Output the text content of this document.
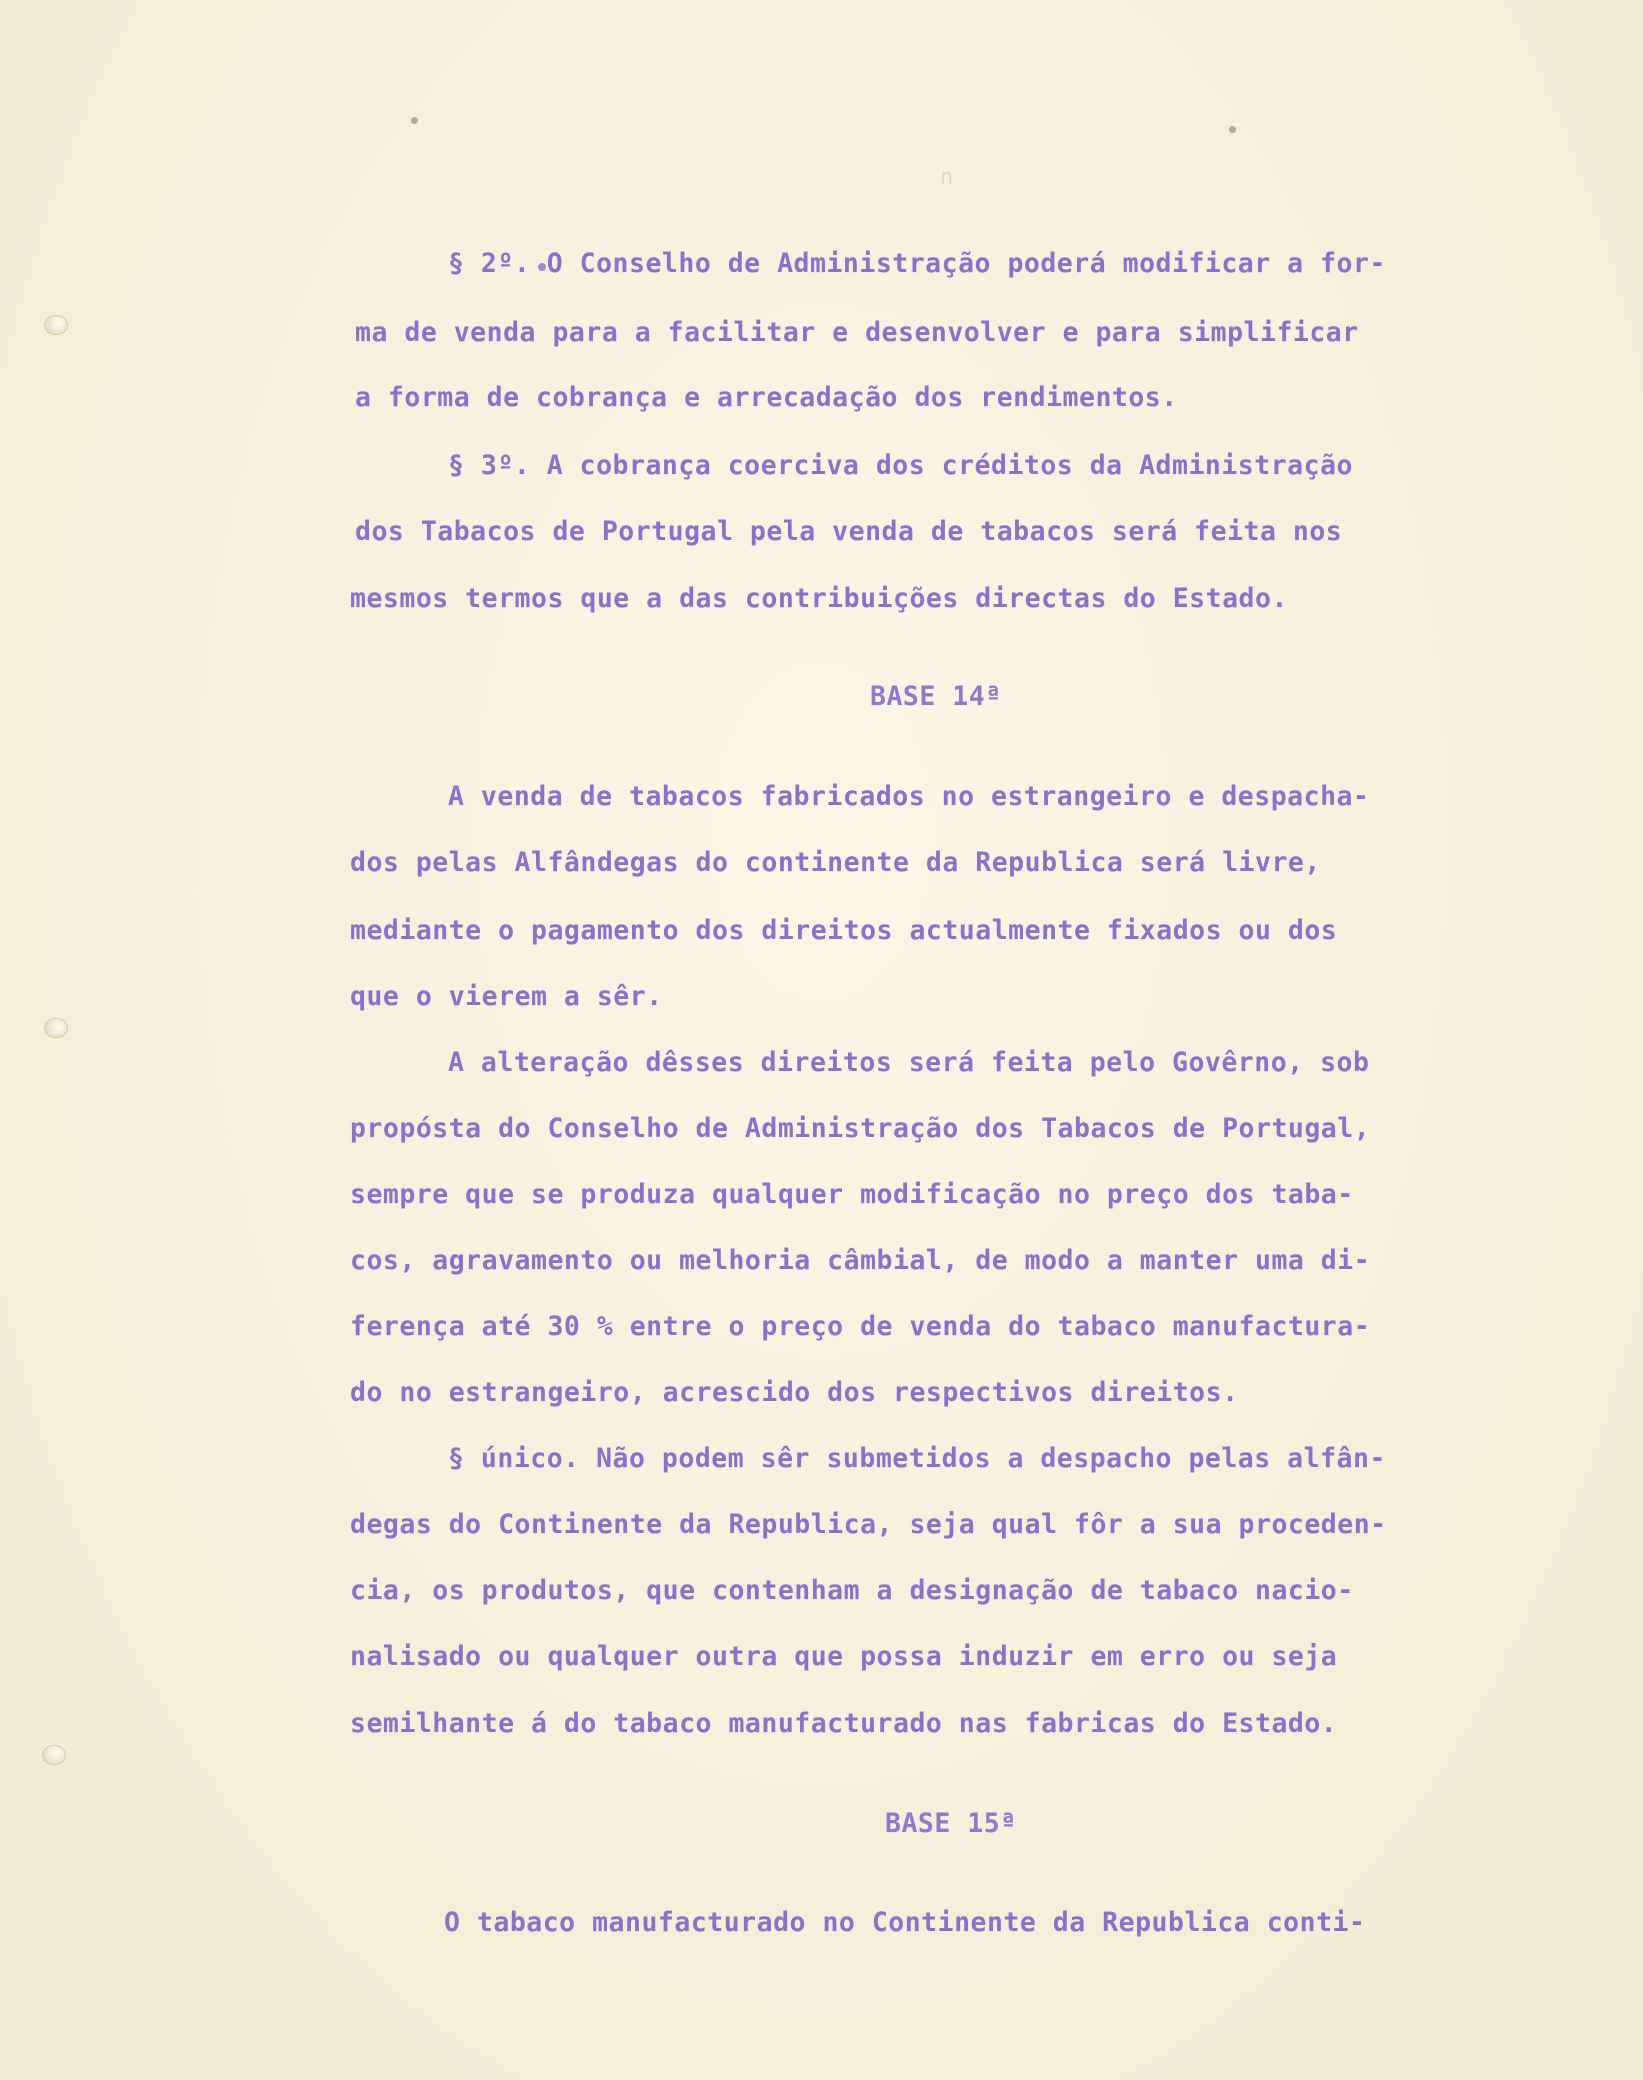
n
§ 2º. O Conselho de Administração poderá modificar a for-
ma de venda para a facilitar e desenvolver e para simplificar
a forma de cobrança e arrecadação dos rendimentos.
§ 3º. A cobrança coerciva dos créditos da Administração
dos Tabacos de Portugal pela venda de tabacos será feita nos
mesmos termos que a das contribuições directas do Estado.
BASE 14ª
A venda de tabacos fabricados no estrangeiro e despacha-
dos pelas Alfândegas do continente da Republica será livre,
mediante o pagamento dos direitos actualmente fixados ou dos
que o vierem a sêr.
A alteração dêsses direitos será feita pelo Govêrno, sob
propósta do Conselho de Administração dos Tabacos de Portugal,
sempre que se produza qualquer modificação no preço dos taba-
cos, agravamento ou melhoria câmbial, de modo a manter uma di-
ferença até 30 % entre o preço de venda do tabaco manufactura-
do no estrangeiro, acrescido dos respectivos direitos.
§ único. Não podem sêr submetidos a despacho pelas alfân-
degas do Continente da Republica, seja qual fôr a sua proceden-
cia, os produtos, que contenham a designação de tabaco nacio-
nalisado ou qualquer outra que possa induzir em erro ou seja
semilhante á do tabaco manufacturado nas fabricas do Estado.
BASE 15ª
O tabaco manufacturado no Continente da Republica conti-
